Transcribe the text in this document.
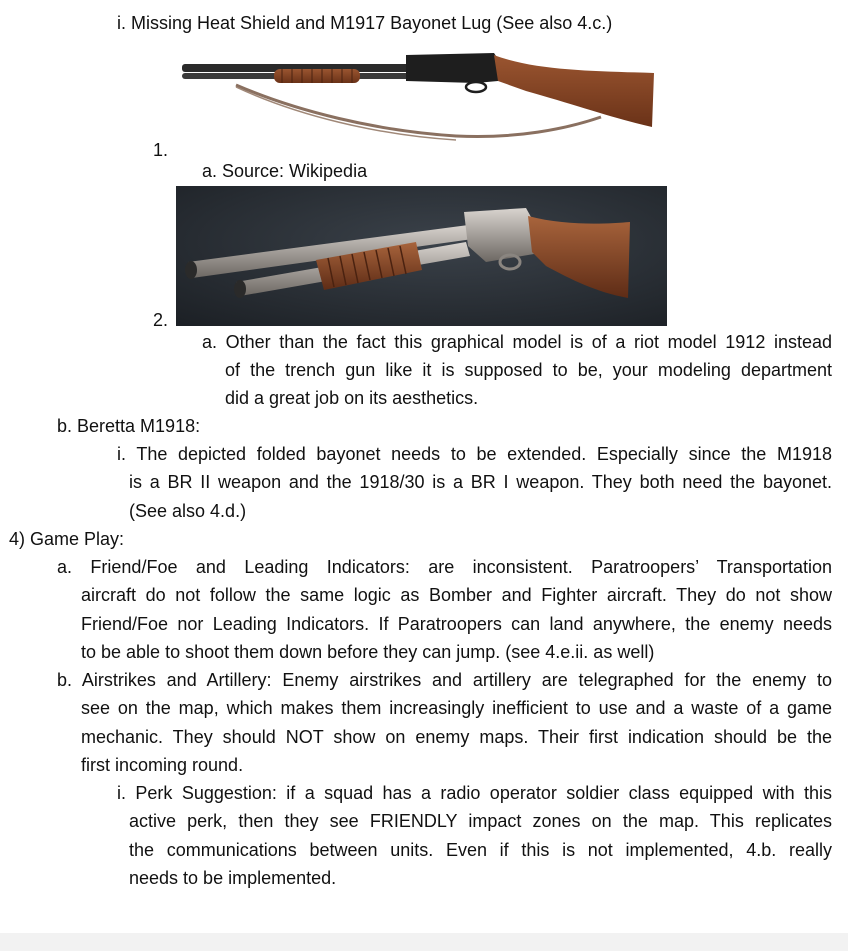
i. Missing Heat Shield and M1917 Bayonet Lug (See also 4.c.)
1.
a. Source: Wikipedia
2.
a. Other than the fact this graphical model is of a riot model 1912 instead
of the trench gun like it is supposed to be, your modeling department
did a great job on its aesthetics.
b. Beretta M1918:
i. The depicted folded bayonet needs to be extended. Especially since the M1918
is a BR II weapon and the 1918/30 is a BR I weapon. They both need the bayonet.
(See also 4.d.)
4) Game Play:
a. Friend/Foe and Leading Indicators: are inconsistent. Paratroopers’ Transportation
aircraft do not follow the same logic as Bomber and Fighter aircraft. They do not show
Friend/Foe nor Leading Indicators. If Paratroopers can land anywhere, the enemy needs
to be able to shoot them down before they can jump. (see 4.e.ii. as well)
b. Airstrikes and Artillery: Enemy airstrikes and artillery are telegraphed for the enemy to
see on the map, which makes them increasingly inefficient to use and a waste of a game
mechanic. They should NOT show on enemy maps. Their first indication should be the
first incoming round.
i. Perk Suggestion: if a squad has a radio operator soldier class equipped with this
active perk, then they see FRIENDLY impact zones on the map. This replicates
the communications between units. Even if this is not implemented, 4.b. really
needs to be implemented.
